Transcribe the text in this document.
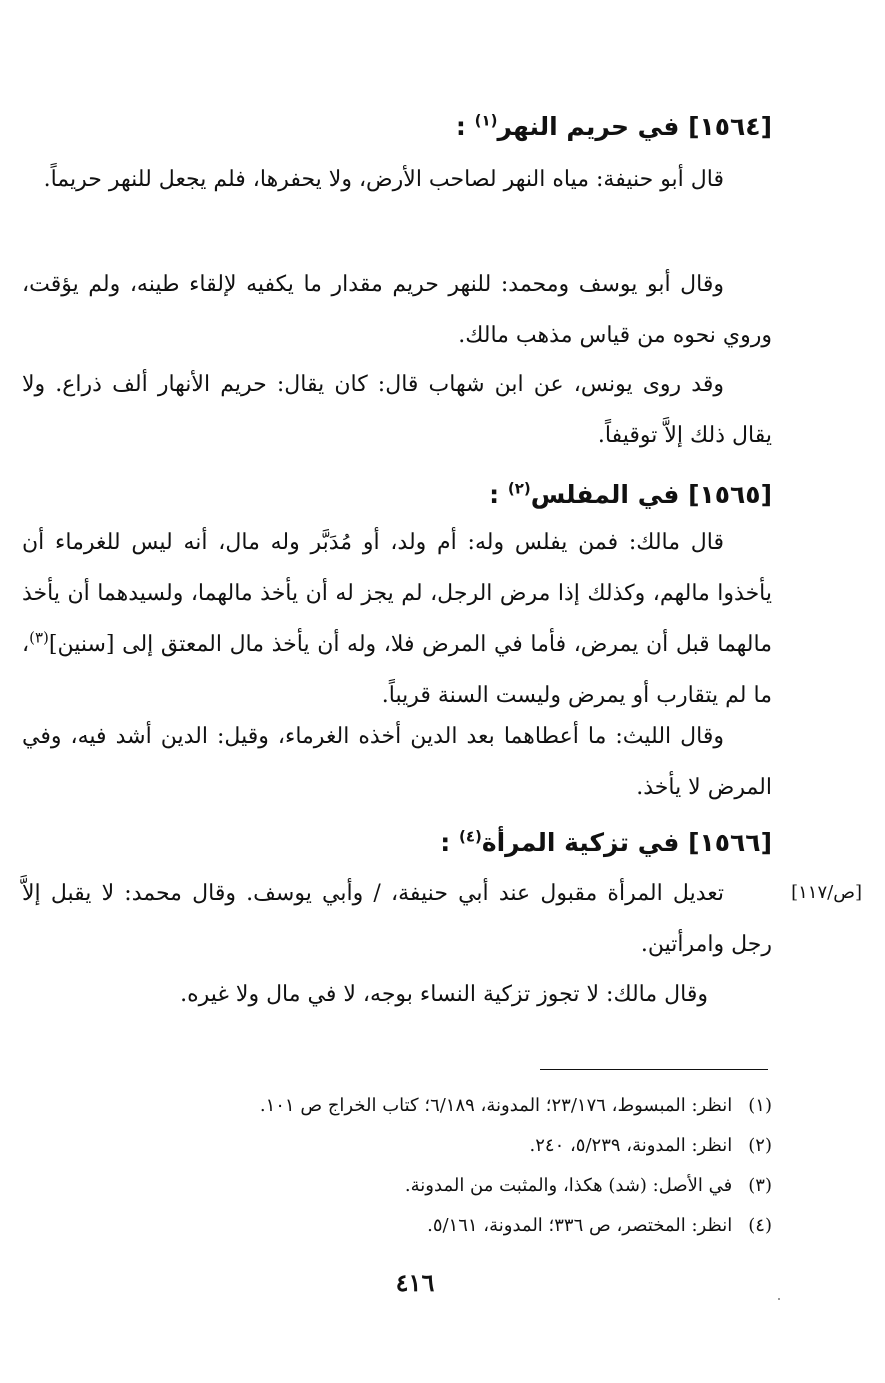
[١٥٦٤] في حريم النهر$^{(١)}$ :
قال أبو حنيفة: مياه النهر لصاحب الأرض، ولا يحفرها، فلم يجعل للنهر حريماً.
وقال أبو يوسف ومحمد: للنهر حريم مقدار ما يكفيه لإلقاء طينه، ولم يؤقت، وروي نحوه من قياس مذهب مالك.
وقد روى يونس، عن ابن شهاب قال: كان يقال: حريم الأنهار ألف ذراع. ولا يقال ذلك إلاَّ توقيفاً.
[١٥٦٥] في المفلس$^{(٢)}$ :
قال مالك: فمن يفلس وله: أم ولد، أو مُدَبَّر وله مال، أنه ليس للغرماء أن يأخذوا مالهم، وكذلك إذا مرض الرجل، لم يجز له أن يأخذ مالهما، ولسيدهما أن يأخذ مالهما قبل أن يمرض، فأما في المرض فلا، وله أن يأخذ مال المعتق إلى [سنين]$^{(٣)}$، ما لم يتقارب أو يمرض وليست السنة قريباً.
وقال الليث: ما أعطاهما بعد الدين أخذه الغرماء، وقيل: الدين أشد فيه، وفي المرض لا يأخذ.
[١٥٦٦] في تزكية المرأة$^{(٤)}$ :
[ص/١١٧]
تعديل المرأة مقبول عند أبي حنيفة، / وأبي يوسف. وقال محمد: لا يقبل إلاَّ رجل وامرأتين.
وقال مالك: لا تجوز تزكية النساء بوجه، لا في مال ولا غيره.
(١) انظر: المبسوط، ٢٣/١٧٦؛ المدونة، ٦/١٨٩؛ كتاب الخراج ص ١٠١.
(٢) انظر: المدونة، ٥/٢٣٩، ٢٤٠.
(٣) في الأصل: (شد) هكذا، والمثبت من المدونة.
(٤) انظر: المختصر، ص ٣٣٦؛ المدونة، ٥/١٦١.
٤١٦
